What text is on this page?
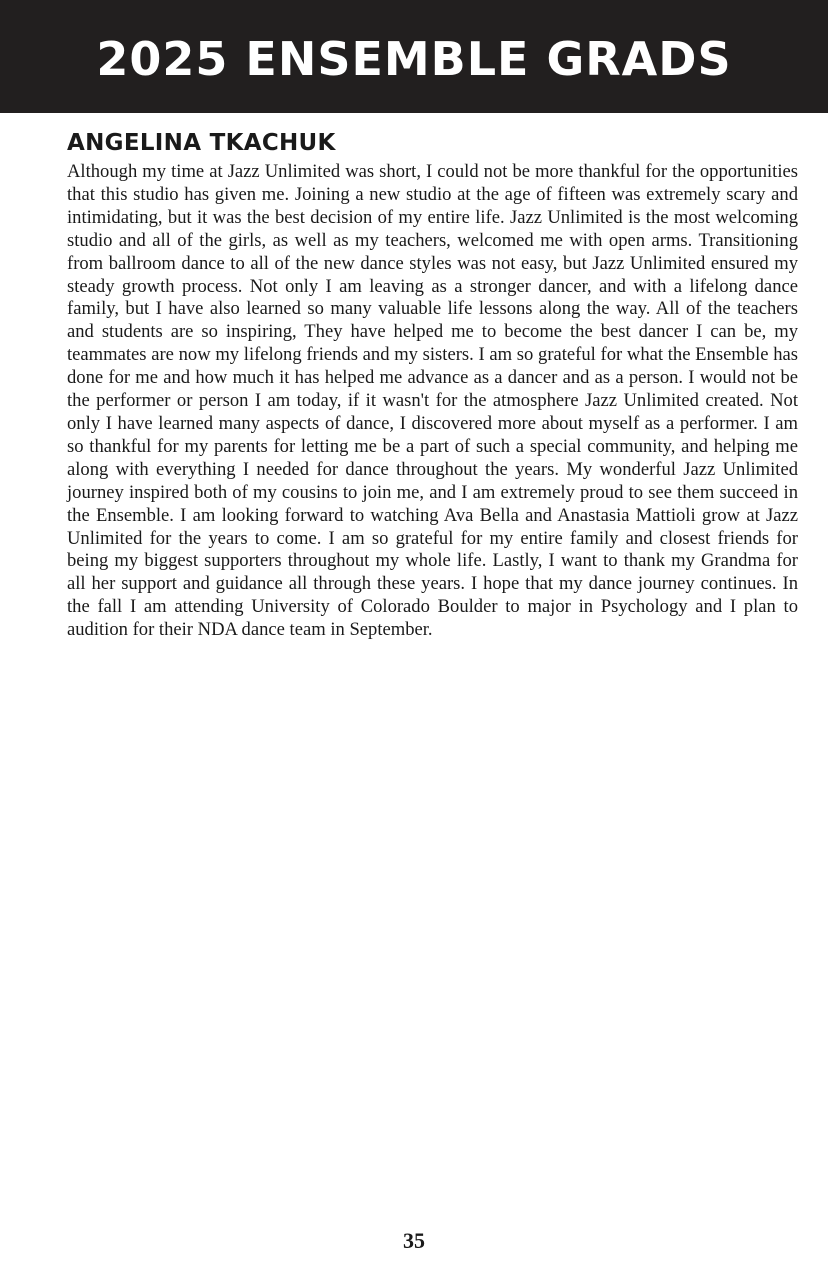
2025 ENSEMBLE GRADS
ANGELINA TKACHUK

Although my time at Jazz Unlimited was short, I could not be more thankful for the opportunities that this studio has given me. Joining a new studio at the age of fifteen was extremely scary and intimidating, but it was the best decision of my entire life. Jazz Unlimited is the most welcoming studio and all of the girls, as well as my teachers, welcomed me with open arms. Transitioning from ballroom dance to all of the new dance styles was not easy, but Jazz Unlimited ensured my steady growth process. Not only I am leaving as a stronger dancer, and with a lifelong dance family, but I have also learned so many valuable life lessons along the way. All of the teachers and students are so inspiring, They have helped me to become the best dancer I can be, my teammates are now my lifelong friends and my sisters. I am so grateful for what the Ensemble has done for me and how much it has helped me advance as a dancer and as a person. I would not be the performer or person I am today, if it wasn't for the atmosphere Jazz Unlimited created. Not only I have learned many aspects of dance, I discovered more about myself as a performer. I am so thankful for my parents for letting me be a part of such a special community, and helping me along with everything I needed for dance throughout the years. My wonderful Jazz Unlimited journey inspired both of my cousins to join me, and I am extremely proud to see them succeed in the Ensemble. I am looking forward to watching Ava Bella and Anastasia Mattioli grow at Jazz Unlimited for the years to come. I am so grateful for my entire family and closest friends for being my biggest supporters throughout my whole life. Lastly, I want to thank my Grandma for all her support and guidance all through these years. I hope that my dance journey continues. In the fall I am attending University of Colorado Boulder to major in Psychology and I plan to audition for their NDA dance team in September.

35
